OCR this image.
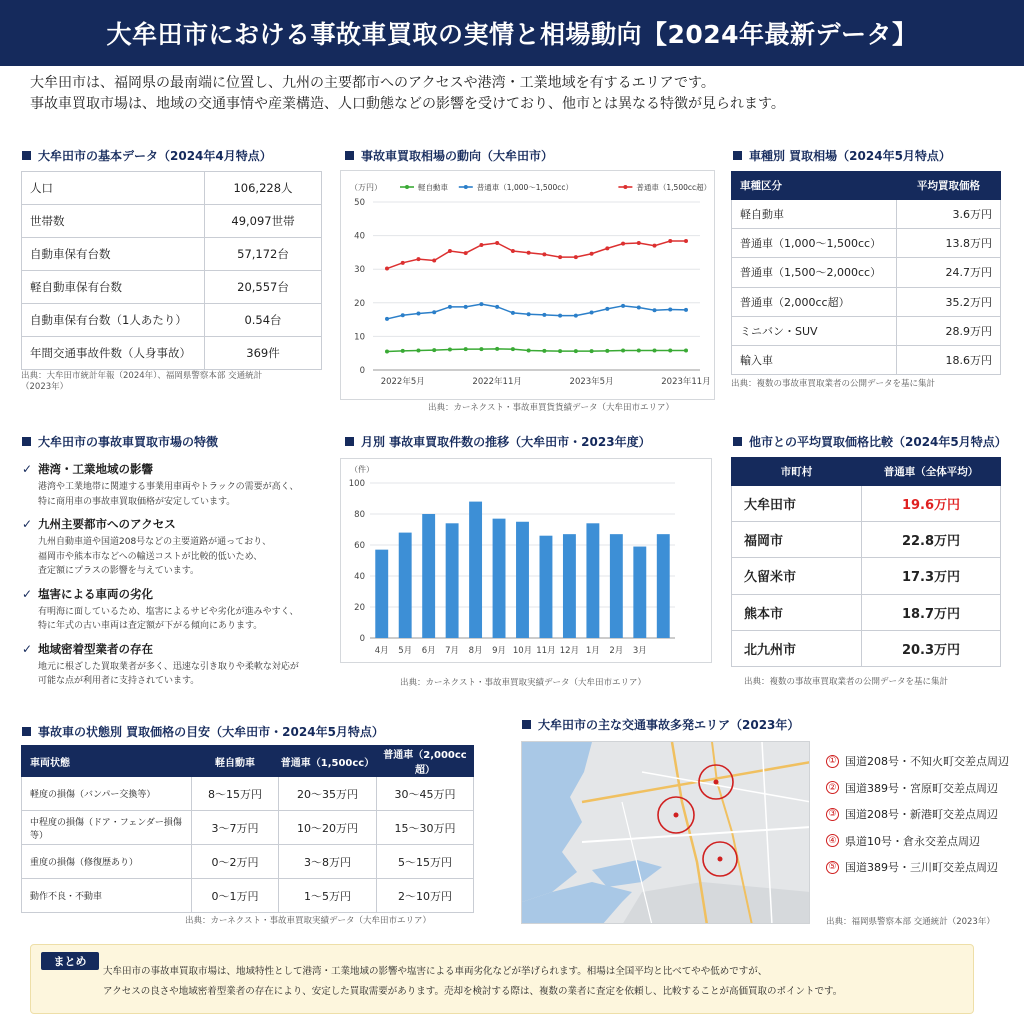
大牟田市における事故車買取の実情と相場動向【2024年最新データ】
大牟田市は、福岡県の最南端に位置し、九州の主要都市へのアクセスや港湾・工業地域を有するエリアです。
事故車買取市場は、地域の交通事情や産業構造、人口動態などの影響を受けており、他市とは異なる特徴が見られます。
大牟田市の基本データ（2024年4月特点）
人口	106,228人
世帯数	49,097世帯
自動車保有台数	57,172台
軽自動車保有台数	20,557台
自動車保有台数（1人あたり）	0.54台
年間交通事故件数（人身事故）	369件
出典：大牟田市統計年報（2024年）、福岡県警察本部 交通統計
（2023年）
事故車買取相場の動向（大牟田市）
（万円）
0
10
20
30
40
50
2022年5月	2022年11月	2023年5月	2023年11月
軽自動車	普通車（1,000～1,500cc）	普通車（1,500cc超）
出典：カーネクスト・事故車買貨貨績データ（大牟田市エリア）
車種別 買取相場（2024年5月特点）
車種区分	平均買取価格
軽自動車	3.6万円
普通車（1,000～1,500cc）	13.8万円
普通車（1,500～2,000cc）	24.7万円
普通車（2,000cc超）	35.2万円
ミニバン・SUV	28.9万円
輸入車	18.6万円
出典：複数の事故車買取業者の公開データを基に集計
大牟田市の事故車買取市場の特徴
✓ 港湾・工業地域の影響
港湾や工業地帯に関連する事業用車両やトラックの需要が高く、
特に商用車の事故車買取価格が安定しています。
✓ 九州主要都市へのアクセス
九州自動車道や国道208号などの主要道路が通っており、
福岡市や熊本市などへの輸送コストが比較的低いため、
査定額にプラスの影響を与えています。
✓ 塩害による車両の劣化
有明海に面しているため、塩害によるサビや劣化が進みやすく、
特に年式の古い車両は査定額が下がる傾向にあります。
✓ 地域密着型業者の存在
地元に根ざした買取業者が多く、迅速な引き取りや柔軟な対応が
可能な点が利用者に支持されています。
月別 事故車買取件数の推移（大牟田市・2023年度）
（件）
0
20
40
60
80
100
4月 5月 6月 7月 8月 9月 10月 11月 12月 1月 2月 3月
出典：カーネクスト・事故車買取実績データ（大牟田市エリア）
他市との平均買取価格比較（2024年5月特点）
市町村	普通車（全体平均）
大牟田市	19.6万円
福岡市	22.8万円
久留米市	17.3万円
熊本市	18.7万円
北九州市	20.3万円
出典：複数の事故車買取業者の公開データを基に集計
事故車の状態別 買取価格の目安（大牟田市・2024年5月特点）
車両状態	軽自動車	普通車（1,500cc）	普通車（2,000cc超）
軽度の損傷（バンパー交換等）	8～15万円	20～35万円	30～45万円
中程度の損傷（ドア・フェンダー損傷等）	3～7万円	10～20万円	15～30万円
重度の損傷（修復歴あり）	0～2万円	3～8万円	5～15万円
動作不良・不動車	0～1万円	1～5万円	2～10万円
出典：カーネクスト・事故車買取実績データ（大牟田市エリア）
大牟田市の主な交通事故多発エリア（2023年）
① 国道208号・不知火町交差点周辺
② 国道389号・宮原町交差点周辺
③ 国道208号・新港町交差点周辺
④ 県道10号・倉永交差点周辺
⑤ 国道389号・三川町交差点周辺
出典：福岡県警察本部 交通統計（2023年）
まとめ
大牟田市の事故車買取市場は、地域特性として港湾・工業地域の影響や塩害による車両劣化などが挙げられます。相場は全国平均と比べてやや低めですが、
アクセスの良さや地域密着型業者の存在により、安定した買取需要があります。売却を検討する際は、複数の業者に査定を依頼し、比較することが高価買取のポイントです。
